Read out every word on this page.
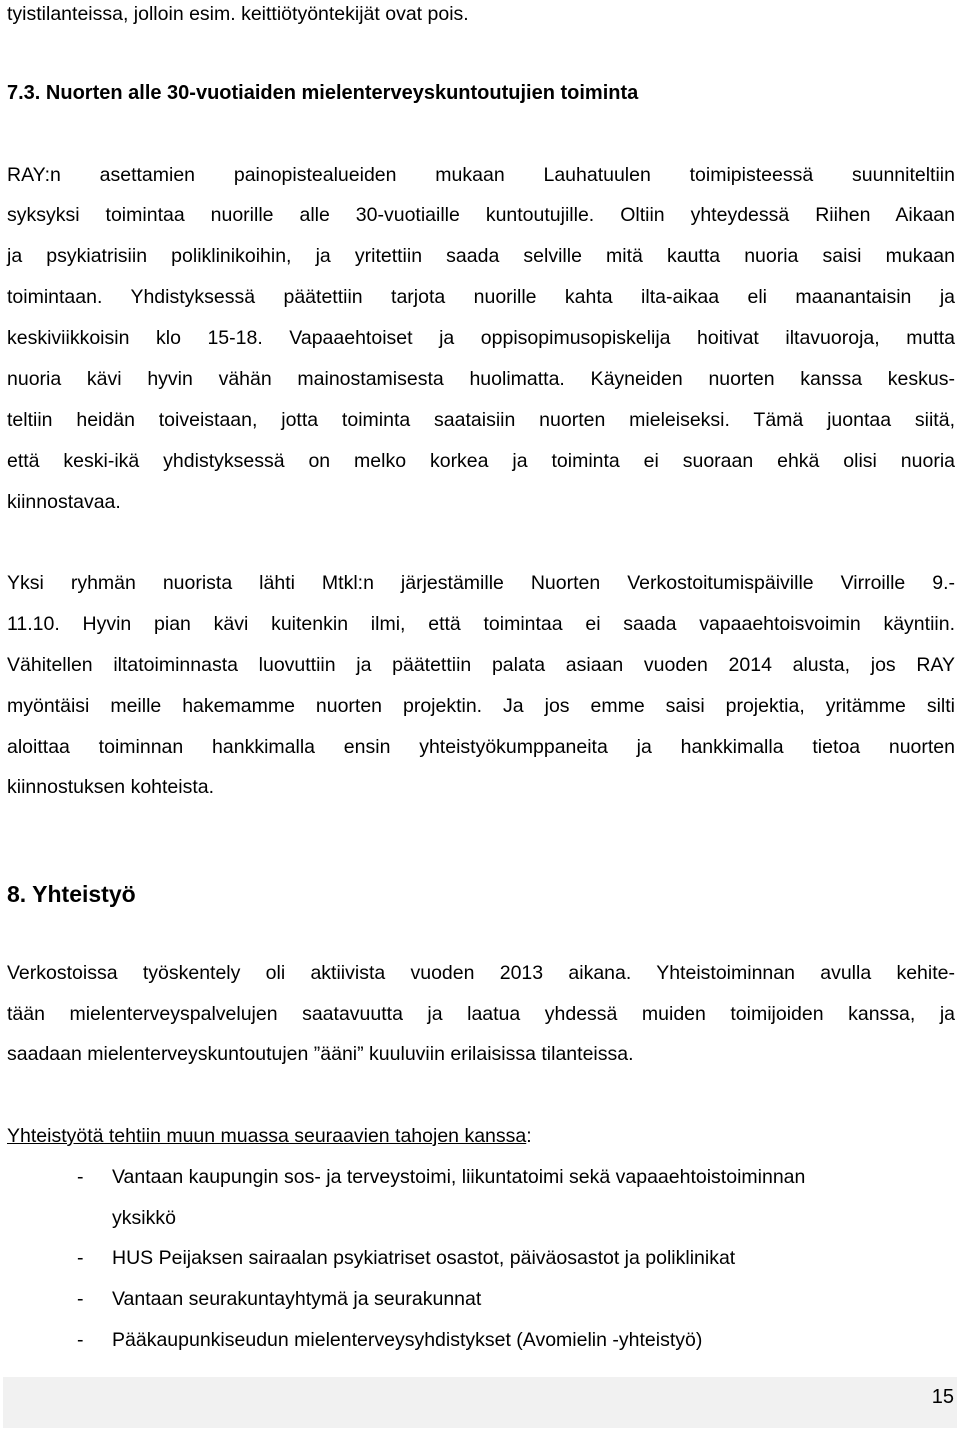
tyistilanteissa, jolloin esim. keittiötyöntekijät ovat pois.
7.3. Nuorten alle 30-vuotiaiden mielenterveyskuntoutujien toiminta
RAY:n asettamien painopistealueiden mukaan Lauhatuulen toimipisteessä suunniteltiin
syksyksi toimintaa nuorille alle 30-vuotiaille kuntoutujille. Oltiin yhteydessä Riihen Aikaan
ja psykiatrisiin poliklinikoihin, ja yritettiin saada selville mitä kautta nuoria saisi mukaan
toimintaan. Yhdistyksessä päätettiin tarjota nuorille kahta ilta-aikaa eli maanantaisin ja
keskiviikkoisin klo 15-18. Vapaaehtoiset ja oppisopimusopiskelija hoitivat iltavuoroja, mutta
nuoria kävi hyvin vähän mainostamisesta huolimatta. Käyneiden nuorten kanssa keskus-
teltiin heidän toiveistaan, jotta toiminta saataisiin nuorten mieleiseksi. Tämä juontaa siitä,
että keski-ikä yhdistyksessä on melko korkea ja toiminta ei suoraan ehkä olisi nuoria
kiinnostavaa.
Yksi ryhmän nuorista lähti Mtkl:n järjestämille Nuorten Verkostoitumispäiville Virroille 9.-
11.10. Hyvin pian kävi kuitenkin ilmi, että toimintaa ei saada vapaaehtoisvoimin käyntiin.
Vähitellen iltatoiminnasta luovuttiin ja päätettiin palata asiaan vuoden 2014 alusta, jos RAY
myöntäisi meille hakemamme nuorten projektin. Ja jos emme saisi projektia, yritämme silti
aloittaa toiminnan hankkimalla ensin yhteistyökumppaneita ja hankkimalla tietoa nuorten
kiinnostuksen kohteista.
8. Yhteistyö
Verkostoissa työskentely oli aktiivista vuoden 2013 aikana. Yhteistoiminnan avulla kehite-
tään mielenterveyspalvelujen saatavuutta ja laatua yhdessä muiden toimijoiden kanssa, ja
saadaan mielenterveyskuntoutujen ”ääni” kuuluviin erilaisissa tilanteissa.
Yhteistyötä tehtiin muun muassa seuraavien tahojen kanssa:
- Vantaan kaupungin sos- ja terveystoimi, liikuntatoimi sekä vapaaehtoistoiminnan
yksikkö
- HUS Peijaksen sairaalan psykiatriset osastot, päiväosastot ja poliklinikat
- Vantaan seurakuntayhtymä ja seurakunnat
- Pääkaupunkiseudun mielenterveysyhdistykset (Avomielin -yhteistyö)
15
